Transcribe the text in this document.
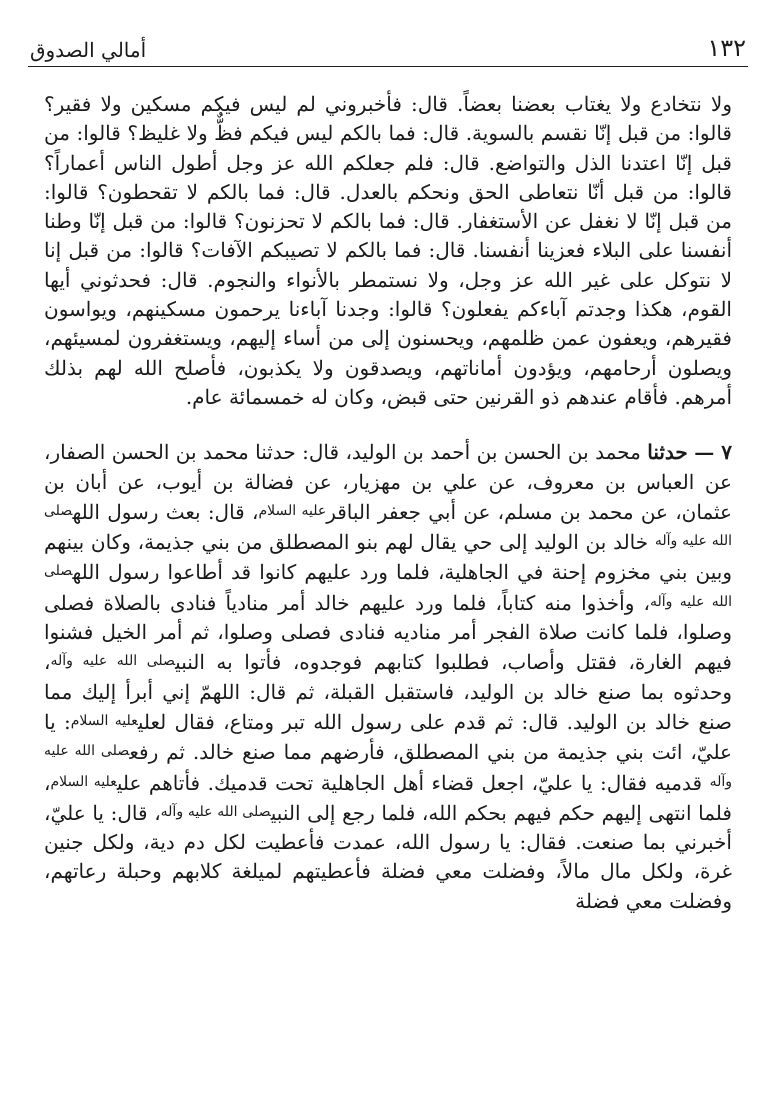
١٣٢
أمالي الصدوق

ولا نتخادع ولا يغتاب بعضنا بعضاً. قال: فأخبروني لم ليس فيكم مسكين ولا فقير؟ قالوا: من قبل إنّا نقسم بالسوية. قال: فما بالكم ليس فيكم فظٌّ ولا غليظ؟ قالوا: من قبل إنّا اعتدنا الذل والتواضع. قال: فلم جعلكم الله عز وجل أطول الناس أعماراً؟ قالوا: من قبل أنّا نتعاطى الحق ونحكم بالعدل. قال: فما بالكم لا تقحطون؟ قالوا: من قبل إنّا لا نغفل عن الأستغفار. قال: فما بالكم لا تحزنون؟ قالوا: من قبل إنّا وطنا أنفسنا على البلاء فعزينا أنفسنا. قال: فما بالكم لا تصيبكم الآفات؟ قالوا: من قبل إنا لا نتوكل على غير الله عز وجل، ولا نستمطر بالأنواء والنجوم. قال: فحدثوني أيها القوم، هكذا وجدتم آباءكم يفعلون؟ قالوا: وجدنا آباءنا يرحمون مسكينهم، ويواسون فقيرهم، ويعفون عمن ظلمهم، ويحسنون إلى من أساء إليهم، ويستغفرون لمسيئهم، ويصلون أرحامهم، ويؤدون أماناتهم، ويصدقون ولا يكذبون، فأصلح الله لهم بذلك أمرهم. فأقام عندهم ذو القرنين حتى قبض، وكان له خمسمائة عام.

٧ — حدثنا محمد بن الحسن بن أحمد بن الوليد، قال: حدثنا محمد بن الحسن الصفار، عن العباس بن معروف، عن علي بن مهزيار، عن فضالة بن أيوب، عن أبان بن عثمان، عن محمد بن مسلم، عن أبي جعفر الباقر$^{عليه السلام}$، قال: بعث رسول الله$^{صلى الله عليه وآله}$ خالد بن الوليد إلى حي يقال لهم بنو المصطلق من بني جذيمة، وكان بينهم وبين بني مخزوم إحنة في الجاهلية، فلما ورد عليهم كانوا قد أطاعوا رسول الله$^{صلى الله عليه وآله}$، وأخذوا منه كتاباً، فلما ورد عليهم خالد أمر منادياً فنادى بالصلاة فصلى وصلوا، فلما كانت صلاة الفجر أمر مناديه فنادى فصلى وصلوا، ثم أمر الخيل فشنوا فيهم الغارة، فقتل وأصاب، فطلبوا كتابهم فوجدوه، فأتوا به النبي$^{صلى الله عليه وآله}$، وحدثوه بما صنع خالد بن الوليد، فاستقبل القبلة، ثم قال: اللهمّ إني أبرأ إليك مما صنع خالد بن الوليد. قال: ثم قدم على رسول الله تبر ومتاع، فقال لعلي$^{عليه السلام}$: يا عليّ، ائت بني جذيمة من بني المصطلق، فأرضهم مما صنع خالد. ثم رفع$^{صلى الله عليه وآله}$ قدميه فقال: يا عليّ، اجعل قضاء أهل الجاهلية تحت قدميك. فأتاهم علي$^{عليه السلام}$، فلما انتهى إليهم حكم فيهم بحكم الله، فلما رجع إلى النبي$^{صلى الله عليه وآله}$، قال: يا عليّ، أخبرني بما صنعت. فقال: يا رسول الله، عمدت فأعطيت لكل دم دية، ولكل جنين غرة، ولكل مال مالاً، وفضلت معي فضلة فأعطيتهم لميلغة كلابهم وحبلة رعاتهم، وفضلت معي فضلة
